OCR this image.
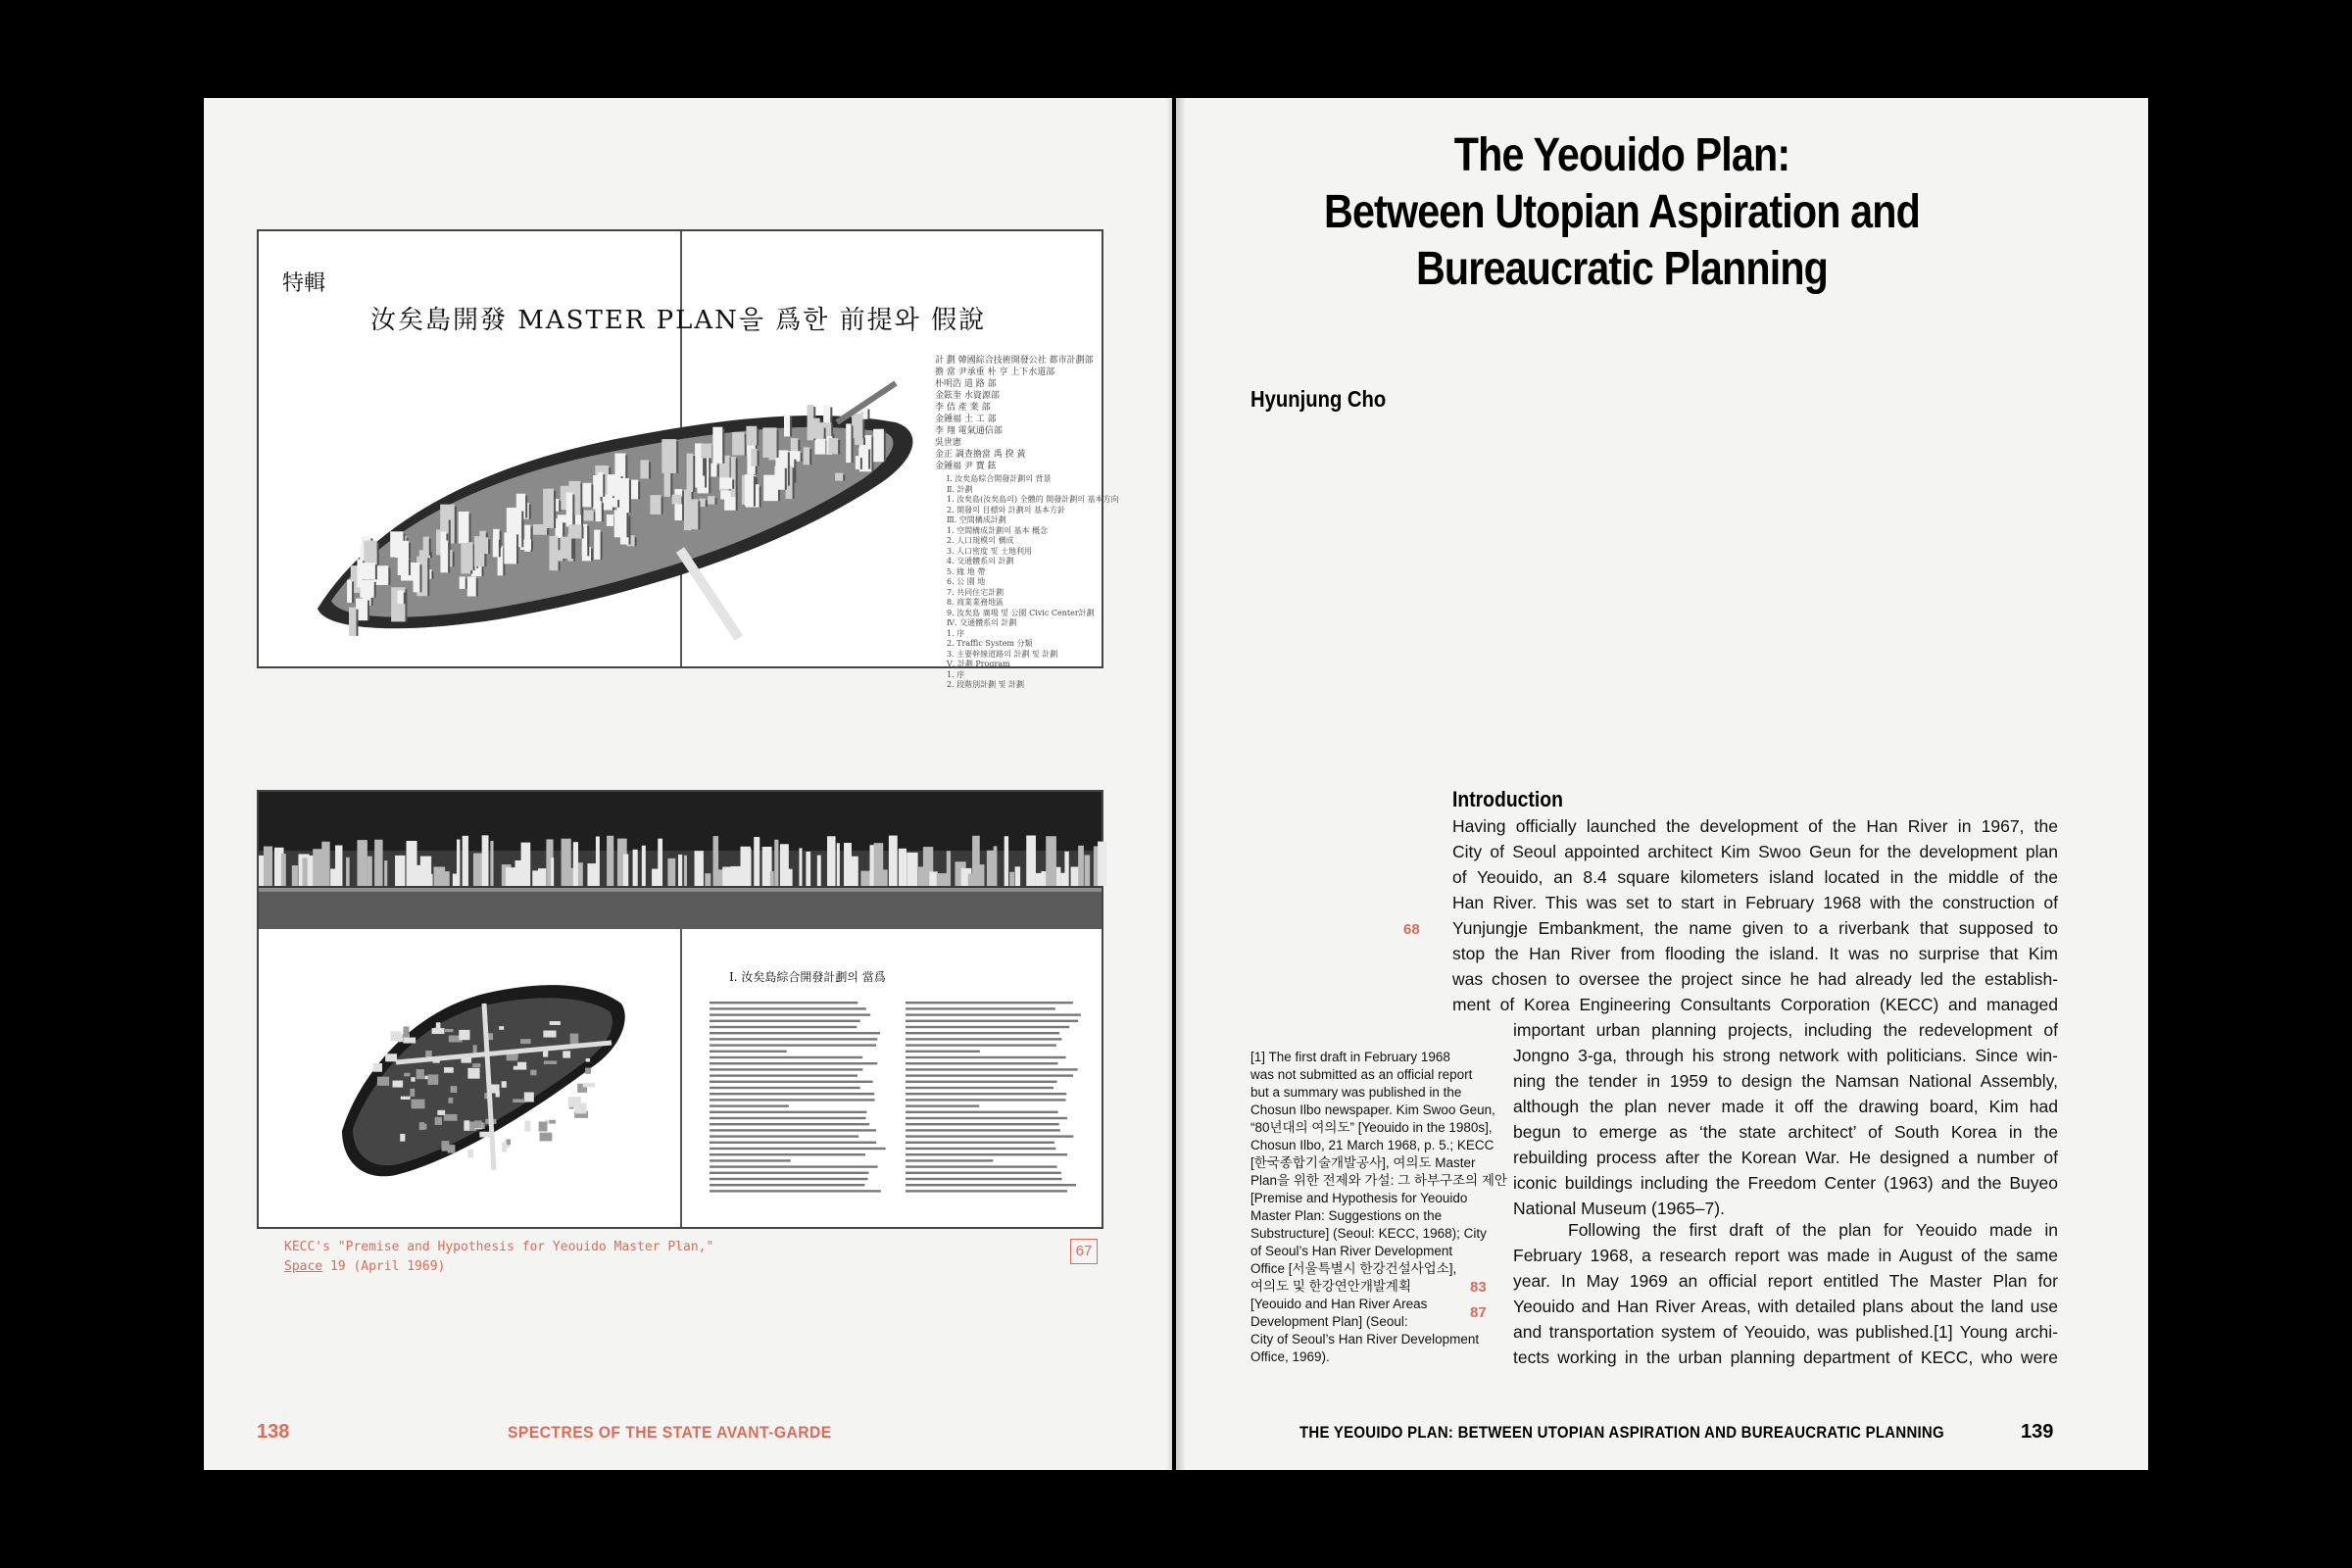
特輯
汝矣島開發 MASTER PLAN을 爲한 前提와 假說
計 劃 韓國綜合技術開發公社 都市計劃部
擔 當 尹承重 朴 亨 上下水道部
朴明浩 道 路 部
金鉉奎 水資源部
李 佶 產 業 部
金鍾福 土 工 部
李 翔 電氣通信部
吳世憲
金正 調查擔當 禹 揆 黃
金鍾福 尹 寶 鉉
Ⅰ. 汝矣島綜合開發計劃의 背景
Ⅱ. 計劃
1. 汝矣島(汝矣島의) 全體的 開發計劃의 基本方向
2. 開發의 目標와 計劃의 基本方針
Ⅲ. 空間構成計劃
1. 空間構成計劃의 基本 概念
2. 人口規模의 構成
3. 人口密度 및 土地利用
4. 交通體系의 計劃
5. 緣 地 帶
6. 公 園 地
7. 共同住宅計劃
8. 商業業務地區
9. 汝矣島 廣場 및 公園 Civic Center計劃
Ⅳ. 交通體系의 計劃
1. 序
2. Traffic System 分類
3. 主要幹線道路의 計劃 및 計劃
Ⅴ. 計劃 Program
1. 序
2. 段階別計劃 및 計劃
Ⅰ. 汝矣島綜合開發計劃의 當爲
KECC's "Premise and Hypothesis for Yeouido Master Plan,"
Space 19 (April 1969)
67
138	SPECTRES OF THE STATE AVANT-GARDE
The Yeouido Plan:
Between Utopian Aspiration and
Bureaucratic Planning
Hyunjung Cho
Introduction
Having officially launched the development of the Han River in 1967, the
City of Seoul appointed architect Kim Swoo Geun for the development plan
of Yeouido, an 8.4 square kilometers island located in the middle of the
Han River. This was set to start in February 1968 with the construction of
Yunjungje Embankment, the name given to a riverbank that supposed to
stop the Han River from flooding the island. It was no surprise that Kim
was chosen to oversee the project since he had already led the establish-
ment of Korea Engineering Consultants Corporation (KECC) and managed
important urban planning projects, including the redevelopment of
Jongno 3-ga, through his strong network with politicians. Since win-
ning the tender in 1959 to design the Namsan National Assembly,
although the plan never made it off the drawing board, Kim had
begun to emerge as ‘the state architect’ of South Korea in the
rebuilding process after the Korean War. He designed a number of
iconic buildings including the Freedom Center (1963) and the Buyeo
National Museum (1965–7).
Following the first draft of the plan for Yeouido made in
February 1968, a research report was made in August of the same
year. In May 1969 an official report entitled The Master Plan for
Yeouido and Han River Areas, with detailed plans about the land use
and transportation system of Yeouido, was published.[1] Young archi-
tects working in the urban planning department of KECC, who were
68
83
87
[1] The first draft in February 1968
was not submitted as an official report
but a summary was published in the
Chosun Ilbo newspaper. Kim Swoo Geun,
“80년대의 여의도” [Yeouido in the 1980s],
Chosun Ilbo, 21 March 1968, p. 5.; KECC
[한국종합기술개발공사], 여의도 Master
Plan을 위한 전제와 가설: 그 하부구조의 제안
[Premise and Hypothesis for Yeouido
Master Plan: Suggestions on the
Substructure] (Seoul: KECC, 1968); City
of Seoul’s Han River Development
Office [서울특별시 한강건설사업소],
여의도 및 한강연안개발계획
[Yeouido and Han River Areas
Development Plan] (Seoul:
City of Seoul’s Han River Development
Office, 1969).
THE YEOUIDO PLAN: BETWEEN UTOPIAN ASPIRATION AND BUREAUCRATIC PLANNING	139
